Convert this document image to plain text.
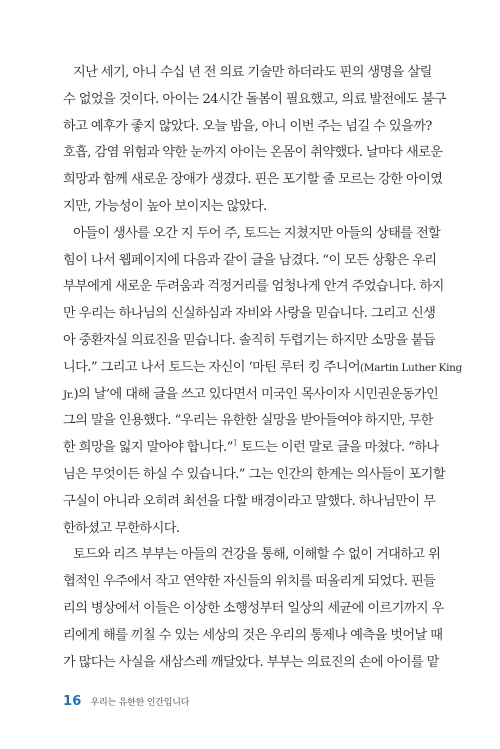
지난 세기, 아니 수십 년 전 의료 기술만 하더라도 핀의 생명을 살릴
수 없었을 것이다. 아이는 24시간 돌봄이 필요했고, 의료 발전에도 불구
하고 예후가 좋지 않았다. 오늘 밤을, 아니 이번 주는 넘길 수 있을까?
호흡, 감염 위험과 약한 눈까지 아이는 온몸이 취약했다. 날마다 새로운
희망과 함께 새로운 장애가 생겼다. 핀은 포기할 줄 모르는 강한 아이였
지만, 가능성이 높아 보이지는 않았다.
아들이 생사를 오간 지 두어 주, 토드는 지쳤지만 아들의 상태를 전할
힘이 나서 웹페이지에 다음과 같이 글을 남겼다. “이 모든 상황은 우리
부부에게 새로운 두려움과 걱정거리를 엄청나게 안겨 주었습니다. 하지
만 우리는 하나님의 신실하심과 자비와 사랑을 믿습니다. 그리고 신생
아 중환자실 의료진을 믿습니다. 솔직히 두렵기는 하지만 소망을 붙듭
니다.” 그리고 나서 토드는 자신이 ‘마틴 루터 킹 주니어(Martin Luther King
Jr.)의 날’에 대해 글을 쓰고 있다면서 미국인 목사이자 시민권운동가인
그의 말을 인용했다. “우리는 유한한 실망을 받아들여야 하지만, 무한
한 희망을 잃지 말아야 합니다.”$^1$ 토드는 이런 말로 글을 마쳤다. “하나
님은 무엇이든 하실 수 있습니다.” 그는 인간의 한계는 의사들이 포기할
구실이 아니라 오히려 최선을 다할 배경이라고 말했다. 하나님만이 무
한하셨고 무한하시다.
토드와 리즈 부부는 아들의 건강을 통해, 이해할 수 없이 거대하고 위
협적인 우주에서 작고 연약한 자신들의 위치를 떠올리게 되었다. 핀들
리의 병상에서 이들은 이상한 소행성부터 일상의 세균에 이르기까지 우
리에게 해를 끼칠 수 있는 세상의 것은 우리의 통제나 예측을 벗어날 때
가 많다는 사실을 새삼스레 깨달았다. 부부는 의료진의 손에 아이를 맡
16 우리는 유한한 인간입니다
